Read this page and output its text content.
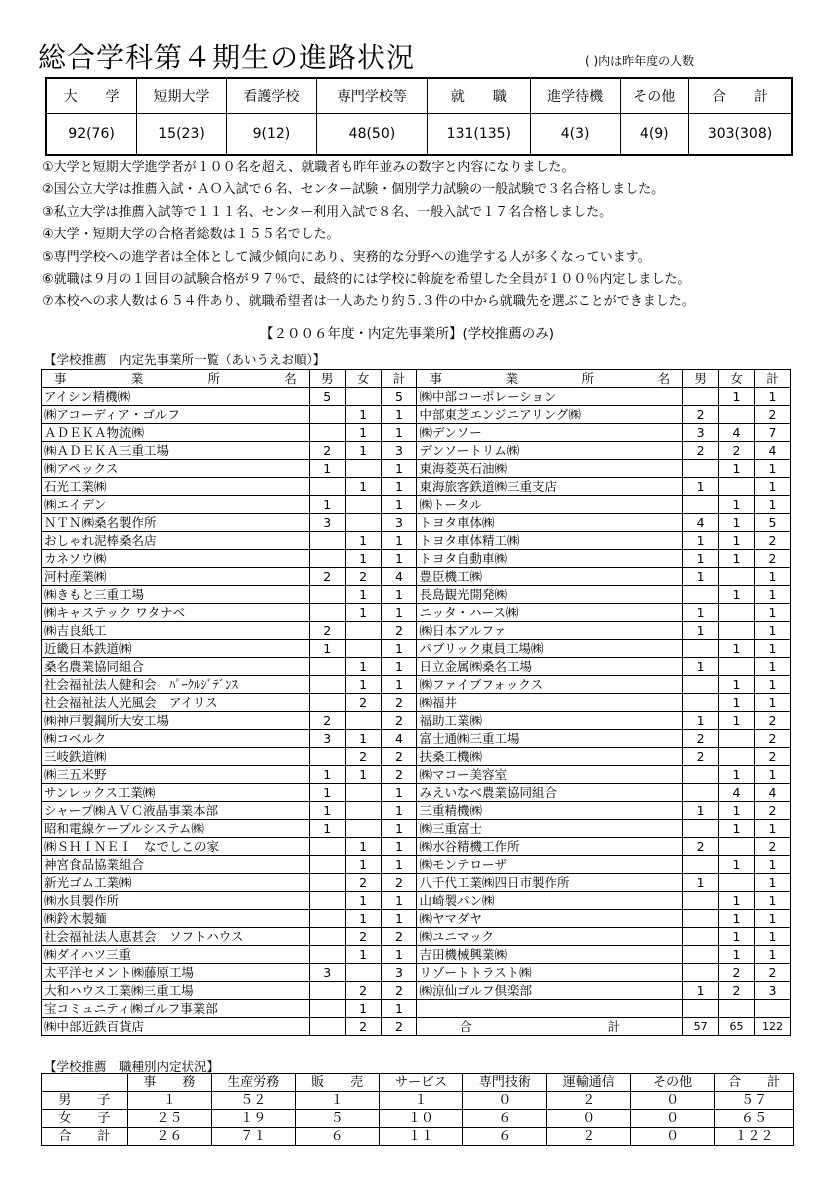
総合学科第４期生の進路状況	( )内は昨年度の人数
大　　学	短期大学	看護学校	専門学校等	就　　職	進学待機	その他	合　　計
92(76)	15(23)	9(12)	48(50)	131(135)	4(3)	4(9)	303(308)
①大学と短期大学進学者が１００名を超え、就職者も昨年並みの数字と内容になりました。
②国公立大学は推薦入試・ＡＯ入試で６名、センター試験・個別学力試験の一般試験で３名合格しました。
③私立大学は推薦入試等で１１１名、センター利用入試で８名、一般入試で１７名合格しました。
④大学・短期大学の合格者総数は１５５名でした。
⑤専門学校への進学者は全体として減少傾向にあり、実務的な分野への進学する人が多くなっています。
⑥就職は９月の１回目の試験合格が９７％で、最終的には学校に斡旋を希望した全員が１００％内定しました。
⑦本校への求人数は６５４件あり、就職希望者は一人あたり約５.３件の中から就職先を選ぶことができました。
【２００６年度・内定先事業所】(学校推薦のみ)
【学校推薦　内定先事業所一覧（あいうえお順）】
事 業 所 名	男	女	計	事 業 所 名	男	女	計
アイシン精機㈱	5		5	㈱中部コーポレーション		1	1
㈱アコーディア・ゴルフ		1	1	中部東芝エンジニアリング㈱	2		2
ＡＤＥＫＡ物流㈱		1	1	㈱デンソー	3	4	7
㈱ＡＤＥＫＡ三重工場	2	1	3	デンソートリム㈱	2	2	4
㈱アペックス	1		1	東海菱英石油㈱		1	1
石光工業㈱		1	1	東海旅客鉄道㈱三重支店	1		1
㈱エイデン	1		1	㈱トータル		1	1
ＮＴＮ㈱桑名製作所	3		3	トヨタ車体㈱	4	1	5
おしゃれ泥棒桑名店		1	1	トヨタ車体精工㈱	1	1	2
カネソウ㈱		1	1	トヨタ自動車㈱	1	1	2
河村産業㈱	2	2	4	豊臣機工㈱	1		1
㈱きもと三重工場		1	1	長島観光開発㈱		1	1
㈱キャステック ワタナベ		1	1	ニッタ・ハース㈱	1		1
㈱吉良紙工	2		2	㈱日本アルファ	1		1
近畿日本鉄道㈱	1		1	パブリック東員工場㈱		1	1
桑名農業協同組合		1	1	日立金属㈱桑名工場	1		1
社会福祉法人健和会　ﾊﾟｰｸﾙｼﾞﾃﾞﾝｽ		1	1	㈱ファイブフォックス		1	1
社会福祉法人光風会　アイリス		2	2	㈱福井		1	1
㈱神戸製鋼所大安工場	2		2	福助工業㈱	1	1	2
㈱コベルク	3	1	4	富士通㈱三重工場	2		2
三岐鉄道㈱		2	2	扶桑工機㈱	2		2
㈱三五米野	1	1	2	㈱マコー美容室		1	1
サンレックス工業㈱	1		1	みえいなべ農業協同組合		4	4
シャープ㈱ＡＶＣ液晶事業本部	1		1	三重精機㈱	1	1	2
昭和電線ケーブルシステム㈱	1		1	㈱三重富士		1	1
㈱ＳＨＩＮＥＩ　なでしこの家		1	1	㈱水谷精機工作所	2		2
神宮食品協業組合		1	1	㈱モンテローザ		1	1
新光ゴム工業㈱		2	2	八千代工業㈱四日市製作所	1		1
㈱水貝製作所		1	1	山崎製パン㈱		1	1
㈱鈴木製麺		1	1	㈱ヤマダヤ		1	1
社会福祉法人恵甚会　ソフトハウス		2	2	㈱ユニマック		1	1
㈱ダイハツ三重		1	1	吉田機械興業㈱		1	1
太平洋セメント㈱藤原工場	3		3	リゾートトラスト㈱		2	2
大和ハウス工業㈱三重工場		2	2	㈱涼仙ゴルフ倶楽部	1	2	3
宝コミュニティ㈱ゴルフ事業部		1	1				
㈱中部近鉄百貨店		2	2	合 計	57	65	122
【学校推薦　職種別内定状況】
	事　　務	生産労務	販　　売	サービス	専門技術	運輸通信	その他	合　　計
男　　子	１	５２	１	１	０	２	０	５７
女　　子	２５	１９	５	１０	６	０	０	６５
合　　計	２６	７１	６	１１	６	２	０	１２２
